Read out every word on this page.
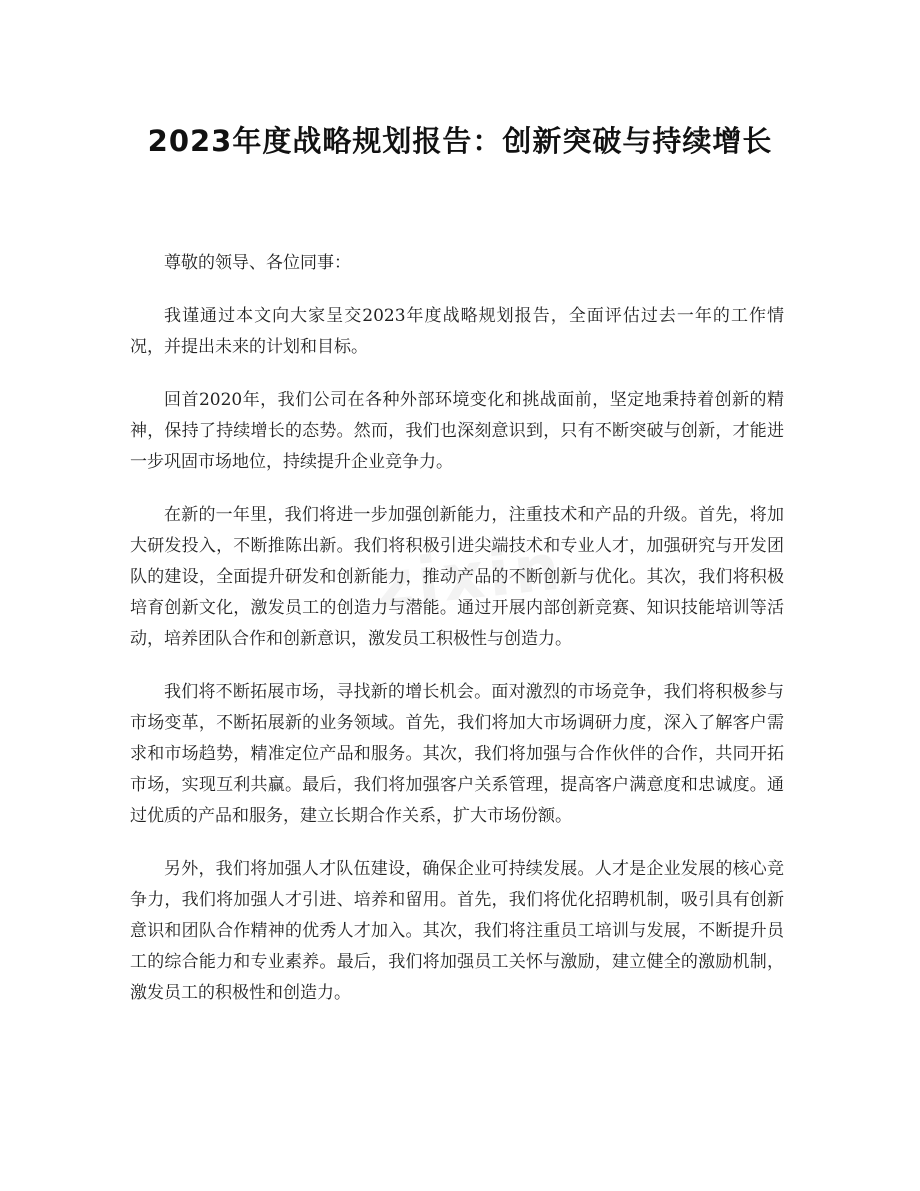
2023年度战略规划报告：创新突破与持续增长
zixin

尊敬的领导、各位同事：

我谨通过本文向大家呈交2023年度战略规划报告，全面评估过去一年的工作情况，并提出未来的计划和目标。

回首2020年，我们公司在各种外部环境变化和挑战面前，坚定地秉持着创新的精神，保持了持续增长的态势。然而，我们也深刻意识到，只有不断突破与创新，才能进一步巩固市场地位，持续提升企业竞争力。

在新的一年里，我们将进一步加强创新能力，注重技术和产品的升级。首先，将加大研发投入，不断推陈出新。我们将积极引进尖端技术和专业人才，加强研究与开发团队的建设，全面提升研发和创新能力，推动产品的不断创新与优化。其次，我们将积极培育创新文化，激发员工的创造力与潜能。通过开展内部创新竞赛、知识技能培训等活动，培养团队合作和创新意识，激发员工积极性与创造力。

我们将不断拓展市场，寻找新的增长机会。面对激烈的市场竞争，我们将积极参与市场变革，不断拓展新的业务领域。首先，我们将加大市场调研力度，深入了解客户需求和市场趋势，精准定位产品和服务。其次，我们将加强与合作伙伴的合作，共同开拓市场，实现互利共赢。最后，我们将加强客户关系管理，提高客户满意度和忠诚度。通过优质的产品和服务，建立长期合作关系，扩大市场份额。

另外，我们将加强人才队伍建设，确保企业可持续发展。人才是企业发展的核心竞争力，我们将加强人才引进、培养和留用。首先，我们将优化招聘机制，吸引具有创新意识和团队合作精神的优秀人才加入。其次，我们将注重员工培训与发展，不断提升员工的综合能力和专业素养。最后，我们将加强员工关怀与激励，建立健全的激励机制，激发员工的积极性和创造力。
